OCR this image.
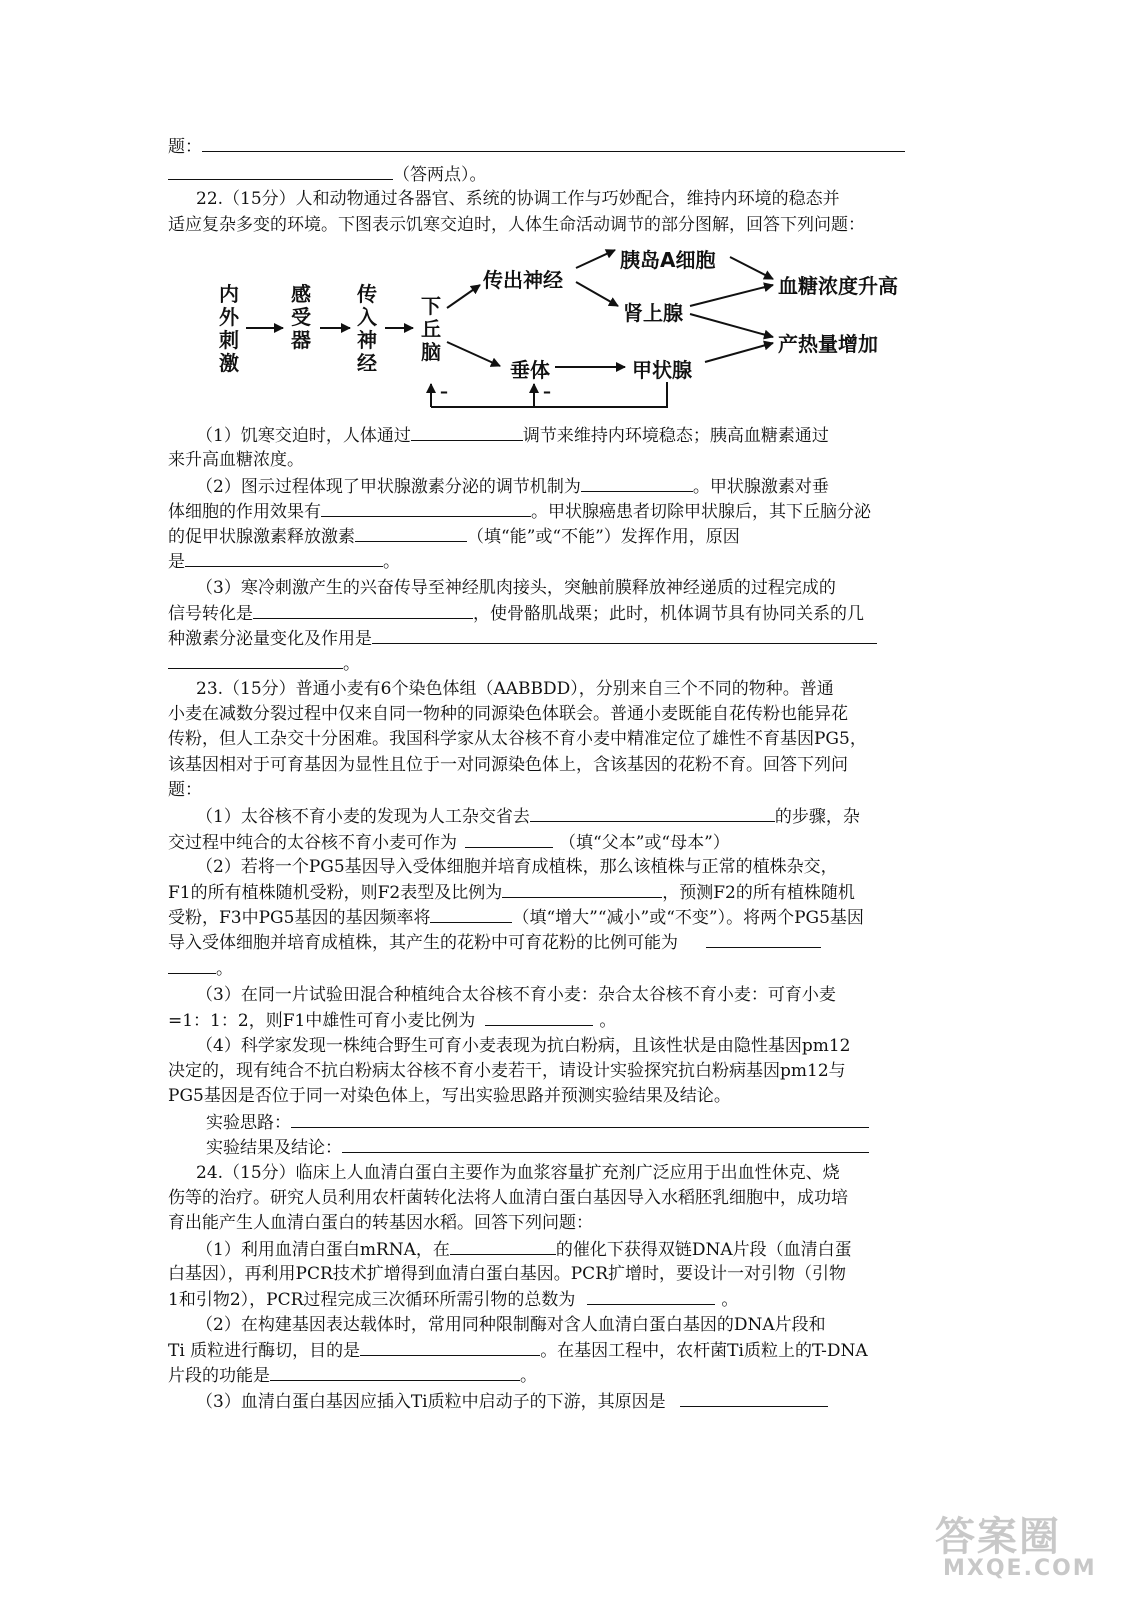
题：
（答两点）。
22.（15分）人和动物通过各器官、系统的协调工作与巧妙配合，维持内环境的稳态并
适应复杂多变的环境。下图表示饥寒交迫时，人体生命活动调节的部分图解，回答下列问题：
内外刺激
感受器
传入神经
下丘脑
传出神经
胰岛A细胞
肾上腺
垂体	甲状腺
血糖浓度升高
产热量增加
–	–
（1）饥寒交迫时，人体通过	调节来维持内环境稳态；胰高血糖素通过
来升高血糖浓度。
（2）图示过程体现了甲状腺激素分泌的调节机制为	。甲状腺激素对垂
体细胞的作用效果有	。甲状腺癌患者切除甲状腺后，其下丘脑分泌
的促甲状腺激素释放激素	（填“能”或“不能”）发挥作用，原因
是	。
（3）寒冷刺激产生的兴奋传导至神经肌肉接头，突触前膜释放神经递质的过程完成的
信号转化是	，使骨骼肌战栗；此时，机体调节具有协同关系的几
种激素分泌量变化及作用是
。
23.（15分）普通小麦有6个染色体组（AABBDD），分别来自三个不同的物种。普通
小麦在减数分裂过程中仅来自同一物种的同源染色体联会。普通小麦既能自花传粉也能异花
传粉，但人工杂交十分困难。我国科学家从太谷核不育小麦中精准定位了雄性不育基因PG5，
该基因相对于可育基因为显性且位于一对同源染色体上，含该基因的花粉不育。回答下列问
题：
（1）太谷核不育小麦的发现为人工杂交省去	的步骤，杂
交过程中纯合的太谷核不育小麦可作为	（填“父本”或“母本”）
（2）若将一个PG5基因导入受体细胞并培育成植株，那么该植株与正常的植株杂交，
F1的所有植株随机受粉，则F2表型及比例为	，预测F2的所有植株随机
受粉，F3中PG5基因的基因频率将	（填“增大”“减小”或“不变”）。将两个PG5基因
导入受体细胞并培育成植株，其产生的花粉中可育花粉的比例可能为
。
（3）在同一片试验田混合种植纯合太谷核不育小麦：杂合太谷核不育小麦：可育小麦
=1：1：2，则F1中雄性可育小麦比例为	。
（4）科学家发现一株纯合野生可育小麦表现为抗白粉病，且该性状是由隐性基因pm12
决定的，现有纯合不抗白粉病太谷核不育小麦若干，请设计实验探究抗白粉病基因pm12与
PG5基因是否位于同一对染色体上，写出实验思路并预测实验结果及结论。
实验思路：
实验结果及结论：
24.（15分）临床上人血清白蛋白主要作为血浆容量扩充剂广泛应用于出血性休克、烧
伤等的治疗。研究人员利用农杆菌转化法将人血清白蛋白基因导入水稻胚乳细胞中，成功培
育出能产生人血清白蛋白的转基因水稻。回答下列问题：
（1）利用血清白蛋白mRNA，在	的催化下获得双链DNA片段（血清白蛋
白基因），再利用PCR技术扩增得到血清白蛋白基因。PCR扩增时，要设计一对引物（引物
1和引物2），PCR过程完成三次循环所需引物的总数为	。
（2）在构建基因表达载体时，常用同种限制酶对含人血清白蛋白基因的DNA片段和
Ti 质粒进行酶切，目的是	。在基因工程中，农杆菌Ti质粒上的T-DNA
片段的功能是	。
（3）血清白蛋白基因应插入Ti质粒中启动子的下游，其原因是
答案圈
MXQE.COM
